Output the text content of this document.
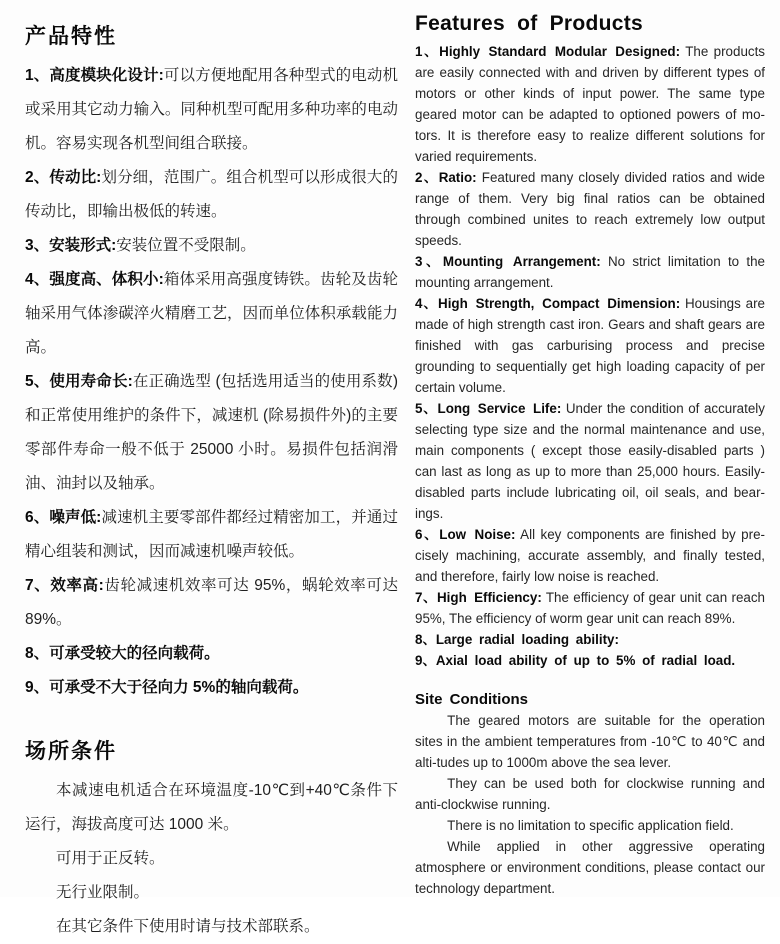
产品特性

1、高度模块化设计:可以方便地配用各种型式的电动机或采用其它动力输入。同种机型可配用多种功率的电动机。容易实现各机型间组合联接。

2、传动比:划分细，范围广。组合机型可以形成很大的传动比，即输出极低的转速。

3、安装形式:安装位置不受限制。

4、强度高、体积小:箱体采用高强度铸铁。齿轮及齿轮轴采用气体渗碳淬火精磨工艺，因而单位体积承载能力高。

5、使用寿命长:在正确选型 (包括选用适当的使用系数)和正常使用维护的条件下，减速机 (除易损件外)的主要零部件寿命一般不低于 25000 小时。易损件包括润滑油、油封以及轴承。

6、噪声低:减速机主要零部件都经过精密加工，并通过精心组装和测试，因而减速机噪声较低。

7、效率高:齿轮减速机效率可达 95%，蜗轮效率可达 89%。

8、可承受较大的径向载荷。

9、可承受不大于径向力 5%的轴向载荷。

场所条件

本减速电机适合在环境温度-10℃到+40℃条件下运行，海拔高度可达 1000 米。

可用于正反转。

无行业限制。

在其它条件下使用时请与技术部联系。

Features of Products

1、Highly Standard Modular Designed: The products are easily connected with and driven by different types of motors or other kinds of input power. The same type geared motor can be adapted to optioned powers of mo-tors. It is therefore easy to realize different solutions for varied requirements.

2、Ratio: Featured many closely divided ratios and wide range of them. Very big final ratios can be obtained through combined unites to reach extremely low output speeds.

3、Mounting Arrangement: No strict limitation to the mounting arrangement.

4、High Strength, Compact Dimension: Housings are made of high strength cast iron. Gears and shaft gears are finished with gas carburising process and precise grounding to sequentially get high loading capacity of per certain volume.

5、Long Service Life: Under the condition of accurately selecting type size and the normal maintenance and use, main components ( except those easily-disabled parts ) can last as long as up to more than 25,000 hours. Easily-disabled parts include lubricating oil, oil seals, and bear-ings.

6、Low Noise: All key components are finished by pre-cisely machining, accurate assembly, and finally tested, and therefore, fairly low noise is reached.

7、High Efficiency: The efficiency of gear unit can reach 95%, The efficiency of worm gear unit can reach 89%.

8、Large radial loading ability:

9、Axial load ability of up to 5% of radial load.

Site Conditions

The geared motors are suitable for the operation sites in the ambient temperatures from -10℃ to 40℃ and alti-tudes up to 1000m above the sea lever.

They can be used both for clockwise running and anti-clockwise running.

There is no limitation to specific application field.

While applied in other aggressive operating atmosphere or environment conditions, please contact our technology department.
